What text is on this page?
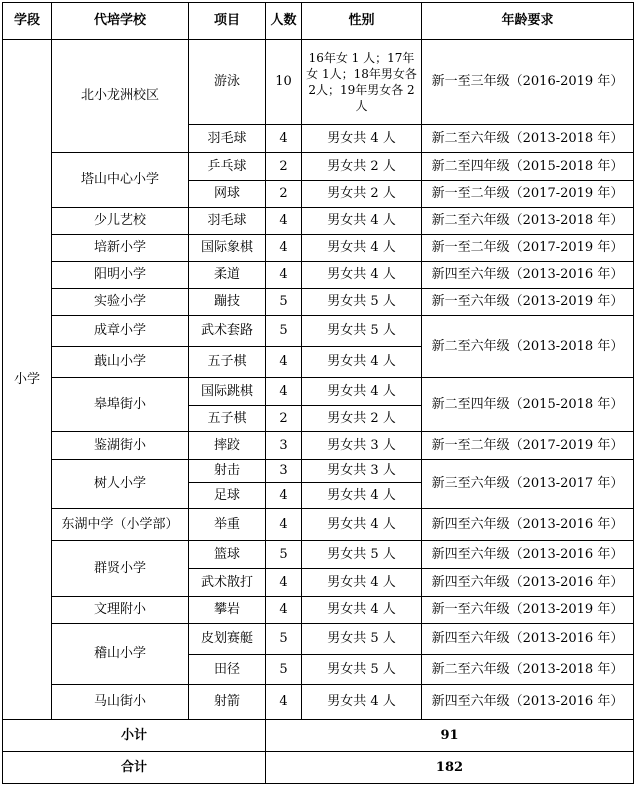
学段	代培学校	项目	人数	性别	年龄要求
小学	北小龙洲校区	游泳	10	16年女 1 人；17年女 1人；18年男女各 2人；19年男女各 2人	新一至三年级（2016-2019 年）
		羽毛球	4	男女共 4 人	新二至六年级（2013-2018 年）
	塔山中心小学	乒乓球	2	男女共 2 人	新二至四年级（2015-2018 年）
		网球	2	男女共 2 人	新一至二年级（2017-2019 年）
	少儿艺校	羽毛球	4	男女共 4 人	新二至六年级（2013-2018 年）
	培新小学	国际象棋	4	男女共 4 人	新一至二年级（2017-2019 年）
	阳明小学	柔道	4	男女共 4 人	新四至六年级（2013-2016 年）
	实验小学	蹦技	5	男女共 5 人	新一至六年级（2013-2019 年）
	成章小学	武术套路	5	男女共 5 人	新二至六年级（2013-2018 年）
	蕺山小学	五子棋	4	男女共 4 人	
	皋埠街小	国际跳棋	4	男女共 4 人	新二至四年级（2015-2018 年）
		五子棋	2	男女共 2 人	
	鉴湖街小	摔跤	3	男女共 3 人	新一至二年级（2017-2019 年）
	树人小学	射击	3	男女共 3 人	新三至六年级（2013-2017 年）
		足球	4	男女共 4 人	
	东湖中学（小学部）	举重	4	男女共 4 人	新四至六年级（2013-2016 年）
	群贤小学	篮球	5	男女共 5 人	新四至六年级（2013-2016 年）
		武术散打	4	男女共 4 人	新四至六年级（2013-2016 年）
	文理附小	攀岩	4	男女共 4 人	新一至六年级（2013-2019 年）
	稽山小学	皮划赛艇	5	男女共 5 人	新四至六年级（2013-2016 年）
		田径	5	男女共 5 人	新二至六年级（2013-2018 年）
	马山街小	射箭	4	男女共 4 人	新四至六年级（2013-2016 年）
小计			91		
合计			182		
